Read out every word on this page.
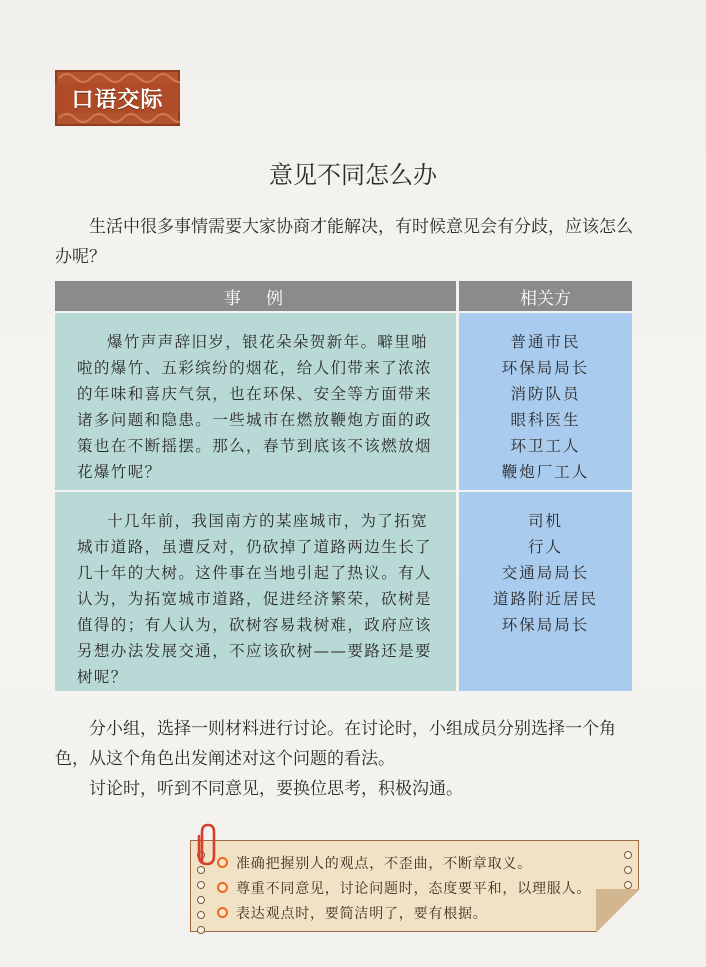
口语交际
意见不同怎么办
生活中很多事情需要大家协商才能解决，有时候意见会有分歧，应该怎么办呢？
事　例	相关方
爆竹声声辞旧岁，银花朵朵贺新年。噼里啪啦的爆竹、五彩缤纷的烟花，给人们带来了浓浓的年味和喜庆气氛，也在环保、安全等方面带来诸多问题和隐患。一些城市在燃放鞭炮方面的政策也在不断摇摆。那么，春节到底该不该燃放烟花爆竹呢？
普通市民
环保局局长
消防队员
眼科医生
环卫工人
鞭炮厂工人
十几年前，我国南方的某座城市，为了拓宽城市道路，虽遭反对，仍砍掉了道路两边生长了几十年的大树。这件事在当地引起了热议。有人认为，为拓宽城市道路，促进经济繁荣，砍树是值得的；有人认为，砍树容易栽树难，政府应该另想办法发展交通，不应该砍树——要路还是要树呢？
司机
行人
交通局局长
道路附近居民
环保局局长
分小组，选择一则材料进行讨论。在讨论时，小组成员分别选择一个角色，从这个角色出发阐述对这个问题的看法。
讨论时，听到不同意见，要换位思考，积极沟通。
准确把握别人的观点，不歪曲，不断章取义。
尊重不同意见，讨论问题时，态度要平和，以理服人。
表达观点时，要简洁明了，要有根据。
